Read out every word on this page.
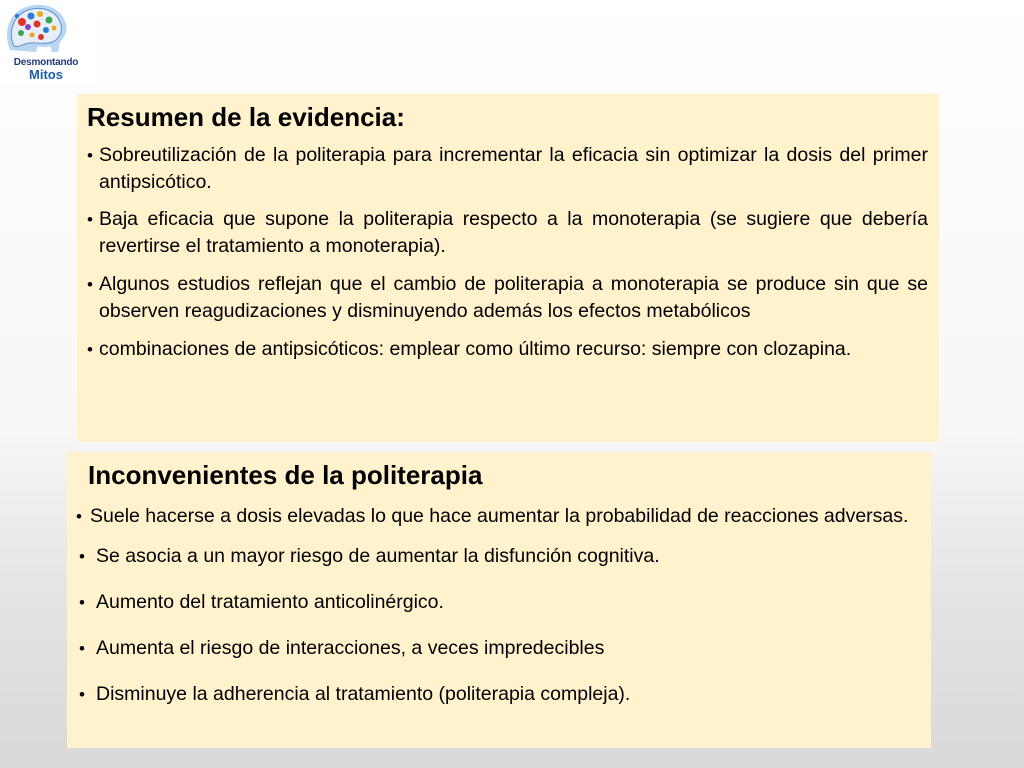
Desmontando
Mitos
Resumen de la evidencia:
• Sobreutilización de la politerapia para incrementar la eficacia sin optimizar la dosis del primer antipsicótico.
• Baja eficacia que supone la politerapia respecto a la monoterapia (se sugiere que debería revertirse el tratamiento a monoterapia).
• Algunos estudios reflejan que el cambio de politerapia a monoterapia se produce sin que se observen reagudizaciones y disminuyendo además los efectos metabólicos
• combinaciones de antipsicóticos: emplear como último recurso: siempre con clozapina.
Inconvenientes de la politerapia
• Suele hacerse a dosis elevadas lo que hace aumentar la probabilidad de reacciones adversas.
• Se asocia a un mayor riesgo de aumentar la disfunción cognitiva.
• Aumento del tratamiento anticolinérgico.
• Aumenta el riesgo de interacciones, a veces impredecibles
• Disminuye la adherencia al tratamiento (politerapia compleja).
